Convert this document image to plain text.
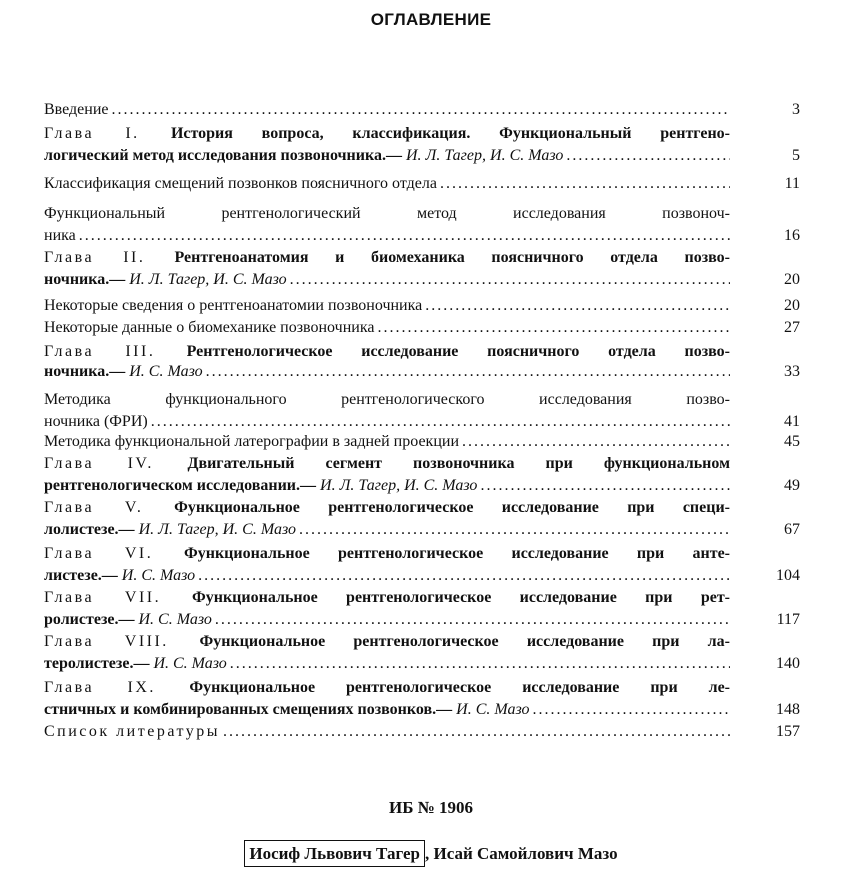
ОГЛАВЛЕНИЕ
3
Введение
. . .
Глава I. История вопроса, классификация. Функциональный рентгено-
5
логический метод исследования позвоночника.— И. Л. Тагер, И. С. Мазо
. . .
11
Классификация смещений позвонков поясничного отдела
. . .
Функциональный рентгенологический метод исследования позвоноч-
16
ника
. . .
Глава II. Рентгеноанатомия и биомеханика поясничного отдела позво-
20
ночника.— И. Л. Тагер, И. С. Мазо
. . .
20
Некоторые сведения о рентгеноанатомии позвоночника
. . .
27
Некоторые данные о биомеханике позвоночника
. . .
Глава III. Рентгенологическое исследование поясничного отдела позво-
33
ночника.— И. С. Мазо
. . .
Методика функционального рентгенологического исследования позво-
41
ночника (ФРИ)
. . .
45
Методика функциональной латерографии в задней проекции
. . .
Глава IV. Двигательный сегмент позвоночника при функциональном
49
рентгенологическом исследовании.— И. Л. Тагер, И. С. Мазо
. . .
Глава V. Функциональное рентгенологическое исследование при специ-
67
лолистезе.— И. Л. Тагер, И. С. Мазо
. . .
Глава VI. Функциональное рентгенологическое исследование при анте-
104
листезе.— И. С. Мазо
. . .
Глава VII. Функциональное рентгенологическое исследование при рет-
117
ролистезе.— И. С. Мазо
. . .
Глава VIII. Функциональное рентгенологическое исследование при ла-
140
теролистезе.— И. С. Мазо
. . .
Глава IX. Функциональное рентгенологическое исследование при ле-
148
стничных и комбинированных смещениях позвонков.— И. С. Мазо
. . .
157
Список литературы
. . .
ИБ № 1906
Иосиф Львович Тагер , Исай Самойлович Мазо
